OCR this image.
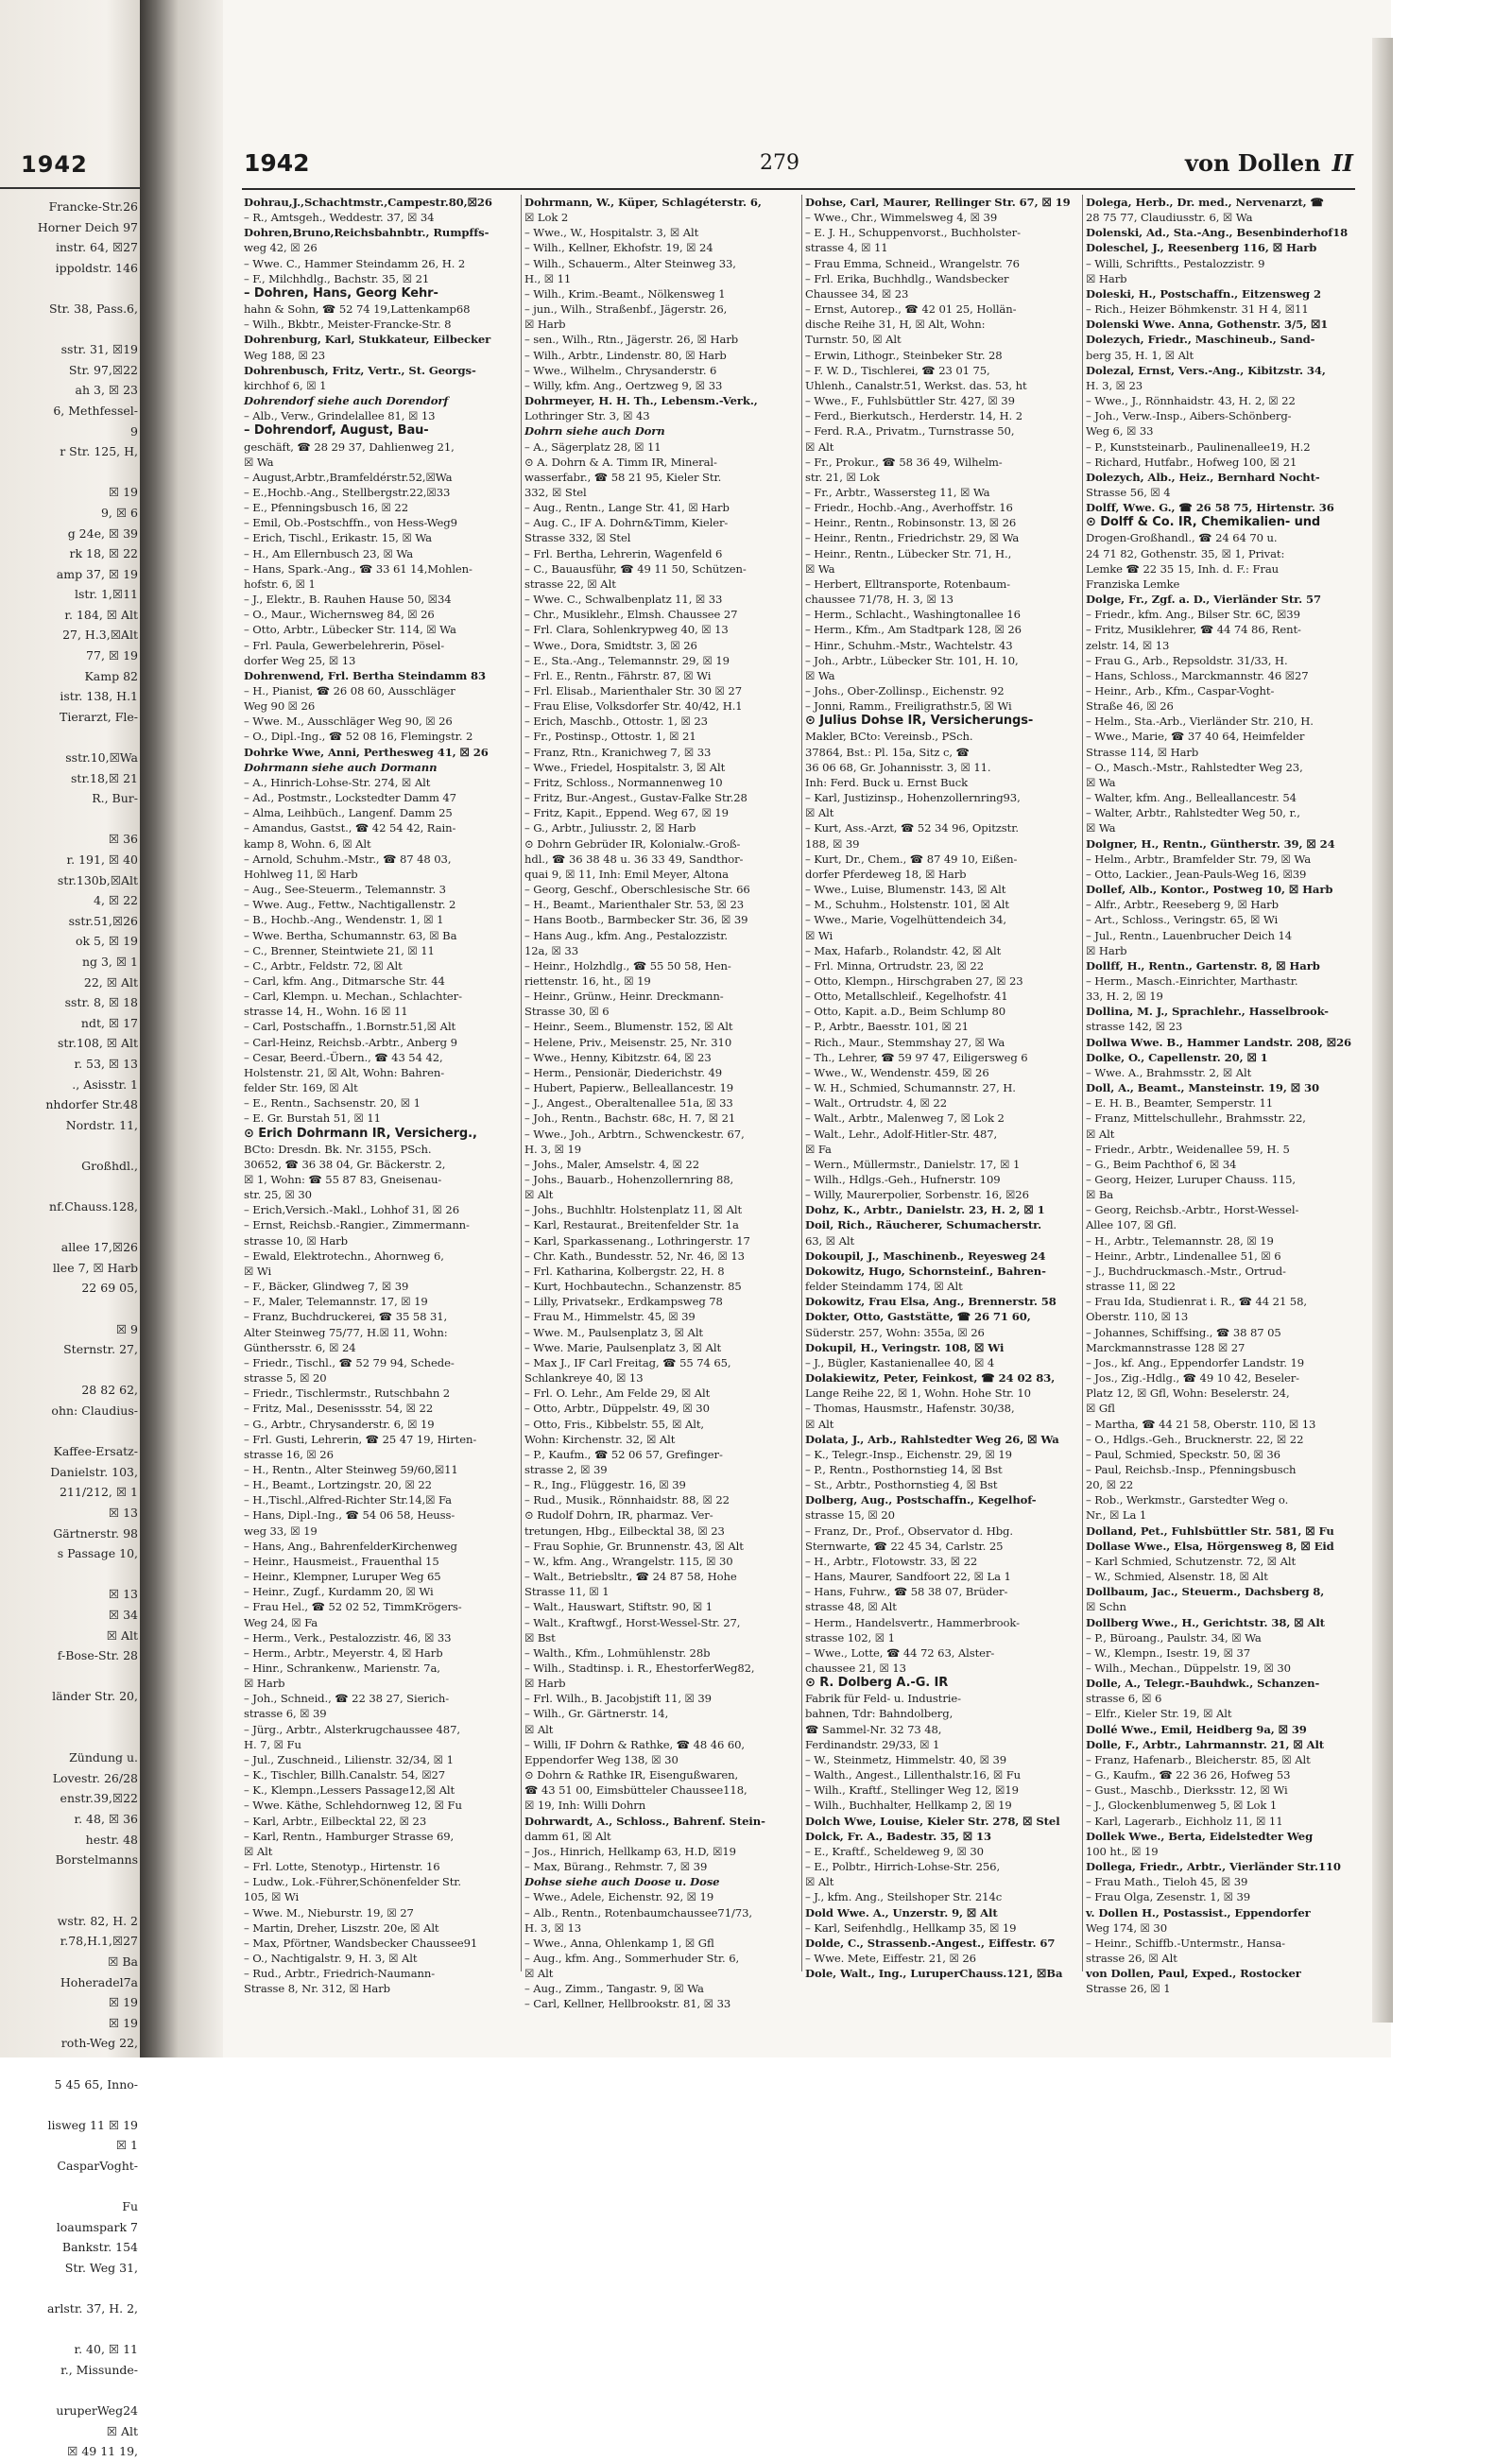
1942
Francke-Str.26
Horner Deich 97
instr. 64, ☒27
ippoldstr. 146

Str. 38, Pass.6,

sstr. 31, ☒19
Str. 97,☒22
ah 3, ☒ 23
6, Methfessel-
9
r Str. 125, H,

☒ 19
9, ☒ 6
g 24e, ☒ 39
rk 18, ☒ 22
amp 37, ☒ 19
lstr. 1,☒11
r. 184, ☒ Alt
27, H.3,☒Alt
77, ☒ 19
Kamp 82
istr. 138, H.1
Tierarzt, Fle-

sstr.10,☒Wa
str.18,☒ 21
R., Bur-

☒ 36
r. 191, ☒ 40
str.130b,☒Alt
4, ☒ 22
sstr.51,☒26
ok 5, ☒ 19
ng 3, ☒ 1
22, ☒ Alt
sstr. 8, ☒ 18
ndt, ☒ 17
str.108, ☒ Alt
r. 53, ☒ 13
., Asisstr. 1
nhdorfer Str.48
Nordstr. 11,

Großhdl.,

nf.Chauss.128,

allee 17,☒26
llee 7, ☒ Harb
22 69 05,

☒ 9
Sternstr. 27,

28 82 62,
ohn: Claudius-

Kaffee-Ersatz-
Danielstr. 103,
211/212, ☒ 1
☒ 13
Gärtnerstr. 98
s Passage 10,

☒ 13
☒ 34
☒ Alt
f-Bose-Str. 28

länder Str. 20,

Zündung u.
Lovestr. 26/28
enstr.39,☒22
r. 48, ☒ 36
hestr. 48
Borstelmanns

wstr. 82, H. 2
r.78,H.1,☒27
☒ Ba
Hoheradel7a
☒ 19
☒ 19
roth-Weg 22,

5 45 65, Inno-

lisweg 11 ☒ 19
☒ 1
CasparVoght-

Fu
loaumspark 7
Bankstr. 154
Str. Weg 31,

arlstr. 37, H. 2,

r. 40, ☒ 11
r., Missunde-

uruperWeg24
☒ Alt
☒ 49 11 19,
1942	279	von Dollen II
Dohrau,J.,Schachtmstr.,Campestr.80,☒26
– R., Amtsgeh., Weddestr. 37, ☒ 34
Dohren,Bruno,Reichsbahnbtr., Rumpffs-
weg 42, ☒ 26
– Wwe. C., Hammer Steindamm 26, H. 2
– F., Milchhdlg., Bachstr. 35, ☒ 21
– Dohren, Hans, Georg Kehr-
hahn & Sohn, ☎ 52 74 19,Lattenkamp68
– Wilh., Bkbtr., Meister-Francke-Str. 8
Dohrenburg, Karl, Stukkateur, Eilbecker
Weg 188, ☒ 23
Dohrenbusch, Fritz, Vertr., St. Georgs-
kirchhof 6, ☒ 1
Dohrendorf siehe auch Dorendorf
– Alb., Verw., Grindelallee 81, ☒ 13
– Dohrendorf, August, Bau-
geschäft, ☎ 28 29 37, Dahlienweg 21,
☒ Wa
– August,Arbtr.,Bramfeldérstr.52,☒Wa
– E.,Hochb.-Ang., Stellbergstr.22,☒33
– E., Pfenningsbusch 16, ☒ 22
– Emil, Ob.-Postschffn., von Hess-Weg9
– Erich, Tischl., Erikastr. 15, ☒ Wa
– H., Am Ellernbusch 23, ☒ Wa
– Hans, Spark.-Ang., ☎ 33 61 14,Mohlen-
hofstr. 6, ☒ 1
– J., Elektr., B. Rauhen Hause 50, ☒34
– O., Maur., Wichernsweg 84, ☒ 26
– Otto, Arbtr., Lübecker Str. 114, ☒ Wa
– Frl. Paula, Gewerbelehrerin, Pösel-
dorfer Weg 25, ☒ 13
Dohrenwend, Frl. Bertha Steindamm 83
– H., Pianist, ☎ 26 08 60, Ausschläger
Weg 90 ☒ 26
– Wwe. M., Ausschläger Weg 90, ☒ 26
– O., Dipl.-Ing., ☎ 52 08 16, Flemingstr. 2
Dohrke Wwe, Anni, Perthesweg 41, ☒ 26
Dohrmann siehe auch Dormann
– A., Hinrich-Lohse-Str. 274, ☒ Alt
– Ad., Postmstr., Lockstedter Damm 47
– Alma, Leihbüch., Langenf. Damm 25
– Amandus, Gastst., ☎ 42 54 42, Rain-
kamp 8, Wohn. 6, ☒ Alt
– Arnold, Schuhm.-Mstr., ☎ 87 48 03,
Hohlweg 11, ☒ Harb
– Aug., See-Steuerm., Telemannstr. 3
– Wwe. Aug., Fettw., Nachtigallenstr. 2
– B., Hochb.-Ang., Wendenstr. 1, ☒ 1
– Wwe. Bertha, Schumannstr. 63, ☒ Ba
– C., Brenner, Steintwiete 21, ☒ 11
– C., Arbtr., Feldstr. 72, ☒ Alt
– Carl, kfm. Ang., Ditmarsche Str. 44
– Carl, Klempn. u. Mechan., Schlachter-
strasse 14, H., Wohn. 16 ☒ 11
– Carl, Postschaffn., 1.Bornstr.51,☒ Alt
– Carl-Heinz, Reichsb.-Arbtr., Anberg 9
– Cesar, Beerd.-Übern., ☎ 43 54 42,
Holstenstr. 21, ☒ Alt, Wohn: Bahren-
felder Str. 169, ☒ Alt
– E., Rentn., Sachsenstr. 20, ☒ 1
– E. Gr. Burstah 51, ☒ 11
⊙ Erich Dohrmann IR, Versicherg.,
BCto: Dresdn. Bk. Nr. 3155, PSch.
30652, ☎ 36 38 04, Gr. Bäckerstr. 2,
☒ 1, Wohn: ☎ 55 87 83, Gneisenau-
str. 25, ☒ 30
– Erich,Versich.-Makl., Lohhof 31, ☒ 26
– Ernst, Reichsb.-Rangier., Zimmermann-
strasse 10, ☒ Harb
– Ewald, Elektrotechn., Ahornweg 6,
☒ Wi
– F., Bäcker, Glindweg 7, ☒ 39
– F., Maler, Telemannstr. 17, ☒ 19
– Franz, Buchdruckerei, ☎ 35 58 31,
Alter Steinweg 75/77, H.☒ 11, Wohn:
Günthersstr. 6, ☒ 24
– Friedr., Tischl., ☎ 52 79 94, Schede-
strasse 5, ☒ 20
– Friedr., Tischlermstr., Rutschbahn 2
– Fritz, Mal., Desenissstr. 54, ☒ 22
– G., Arbtr., Chrysanderstr. 6, ☒ 19
– Frl. Gusti, Lehrerin, ☎ 25 47 19, Hirten-
strasse 16, ☒ 26
– H., Rentn., Alter Steinweg 59/60,☒11
– H., Beamt., Lortzingstr. 20, ☒ 22
– H.,Tischl.,Alfred-Richter Str.14,☒ Fa
– Hans, Dipl.-Ing., ☎ 54 06 58, Heuss-
weg 33, ☒ 19
– Hans, Ang., BahrenfelderKirchenweg
– Heinr., Hausmeist., Frauenthal 15
– Heinr., Klempner, Luruper Weg 65
– Heinr., Zugf., Kurdamm 20, ☒ Wi
– Frau Hel., ☎ 52 02 52, TimmKrögers-
Weg 24, ☒ Fa
– Herm., Verk., Pestalozzistr. 46, ☒ 33
– Herm., Arbtr., Meyerstr. 4, ☒ Harb
– Hinr., Schrankenw., Marienstr. 7a,
☒ Harb
– Joh., Schneid., ☎ 22 38 27, Sierich-
strasse 6, ☒ 39
– Jürg., Arbtr., Alsterkrugchaussee 487,
H. 7, ☒ Fu
– Jul., Zuschneid., Lilienstr. 32/34, ☒ 1
– K., Tischler, Billh.Canalstr. 54, ☒27
– K., Klempn.,Lessers Passage12,☒ Alt
– Wwe. Käthe, Schlehdornweg 12, ☒ Fu
– Karl, Arbtr., Eilbecktal 22, ☒ 23
– Karl, Rentn., Hamburger Strasse 69,
☒ Alt
– Frl. Lotte, Stenotyp., Hirtenstr. 16
– Ludw., Lok.-Führer,Schönenfelder Str.
105, ☒ Wi
– Wwe. M., Nieburstr. 19, ☒ 27
– Martin, Dreher, Liszstr. 20e, ☒ Alt
– Max, Pförtner, Wandsbecker Chaussee91
– O., Nachtigalstr. 9, H. 3, ☒ Alt
– Rud., Arbtr., Friedrich-Naumann-
Strasse 8, Nr. 312, ☒ Harb
Dohrmann, W., Küper, Schlagéterstr. 6,
☒ Lok 2
– Wwe., W., Hospitalstr. 3, ☒ Alt
– Wilh., Kellner, Ekhofstr. 19, ☒ 24
– Wilh., Schauerm., Alter Steinweg 33,
H., ☒ 11
– Wilh., Krim.-Beamt., Nölkensweg 1
– jun., Wilh., Straßenbf., Jägerstr. 26,
☒ Harb
– sen., Wilh., Rtn., Jägerstr. 26, ☒ Harb
– Wilh., Arbtr., Lindenstr. 80, ☒ Harb
– Wwe., Wilhelm., Chrysanderstr. 6
– Willy, kfm. Ang., Oertzweg 9, ☒ 33
Dohrmeyer, H. H. Th., Lebensm.-Verk.,
Lothringer Str. 3, ☒ 43
Dohrn siehe auch Dorn
– A., Sägerplatz 28, ☒ 11
⊙ A. Dohrn & A. Timm IR, Mineral-
wasserfabr., ☎ 58 21 95, Kieler Str.
332, ☒ Stel
– Aug., Rentn., Lange Str. 41, ☒ Harb
– Aug. C., IF A. Dohrn&Timm, Kieler-
Strasse 332, ☒ Stel
– Frl. Bertha, Lehrerin, Wagenfeld 6
– C., Bauausführ, ☎ 49 11 50, Schützen-
strasse 22, ☒ Alt
– Wwe. C., Schwalbenplatz 11, ☒ 33
– Chr., Musiklehr., Elmsh. Chaussee 27
– Frl. Clara, Sohlenkrypweg 40, ☒ 13
– Wwe., Dora, Smidtstr. 3, ☒ 26
– E., Sta.-Ang., Telemannstr. 29, ☒ 19
– Frl. E., Rentn., Fährstr. 87, ☒ Wi
– Frl. Elisab., Marienthaler Str. 30 ☒ 27
– Frau Elise, Volksdorfer Str. 40/42, H.1
– Erich, Maschb., Ottostr. 1, ☒ 23
– Fr., Postinsp., Ottostr. 1, ☒ 21
– Franz, Rtn., Kranichweg 7, ☒ 33
– Wwe., Friedel, Hospitalstr. 3, ☒ Alt
– Fritz, Schloss., Normannenweg 10
– Fritz, Bur.-Angest., Gustav-Falke Str.28
– Fritz, Kapit., Eppend. Weg 67, ☒ 19
– G., Arbtr., Juliusstr. 2, ☒ Harb
⊙ Dohrn Gebrüder IR, Kolonialw.-Groß-
hdl., ☎ 36 38 48 u. 36 33 49, Sandthor-
quai 9, ☒ 11, Inh: Emil Meyer, Altona
– Georg, Geschf., Oberschlesische Str. 66
– H., Beamt., Marienthaler Str. 53, ☒ 23
– Hans Bootb., Barmbecker Str. 36, ☒ 39
– Hans Aug., kfm. Ang., Pestalozzistr.
12a, ☒ 33
– Heinr., Holzhdlg., ☎ 55 50 58, Hen-
riettenstr. 16, ht., ☒ 19
– Heinr., Grünw., Heinr. Dreckmann-
Strasse 30, ☒ 6
– Heinr., Seem., Blumenstr. 152, ☒ Alt
– Helene, Priv., Meisenstr. 25, Nr. 310
– Wwe., Henny, Kibitzstr. 64, ☒ 23
– Herm., Pensionär, Diederichstr. 49
– Hubert, Papierw., Belleallancestr. 19
– J., Angest., Oberaltenallee 51a, ☒ 33
– Joh., Rentn., Bachstr. 68c, H. 7, ☒ 21
– Wwe., Joh., Arbtrn., Schwenckestr. 67,
H. 3, ☒ 19
– Johs., Maler, Amselstr. 4, ☒ 22
– Johs., Bauarb., Hohenzollernring 88,
☒ Alt
– Johs., Buchhltr. Holstenplatz 11, ☒ Alt
– Karl, Restaurat., Breitenfelder Str. 1a
– Karl, Sparkassenang., Lothringerstr. 17
– Chr. Kath., Bundesstr. 52, Nr. 46, ☒ 13
– Frl. Katharina, Kolbergstr. 22, H. 8
– Kurt, Hochbautechn., Schanzenstr. 85
– Lilly, Privatsekr., Erdkampsweg 78
– Frau M., Himmelstr. 45, ☒ 39
– Wwe. M., Paulsenplatz 3, ☒ Alt
– Wwe. Marie, Paulsenplatz 3, ☒ Alt
– Max J., IF Carl Freitag, ☎ 55 74 65,
Schlankreye 40, ☒ 13
– Frl. O. Lehr., Am Felde 29, ☒ Alt
– Otto, Arbtr., Düppelstr. 49, ☒ 30
– Otto, Fris., Kibbelstr. 55, ☒ Alt,
Wohn: Kirchenstr. 32, ☒ Alt
– P., Kaufm., ☎ 52 06 57, Grefinger-
strasse 2, ☒ 39
– R., Ing., Flüggestr. 16, ☒ 39
– Rud., Musik., Rönnhaidstr. 88, ☒ 22
⊙ Rudolf Dohrn, IR, pharmaz. Ver-
tretungen, Hbg., Eilbecktal 38, ☒ 23
– Frau Sophie, Gr. Brunnenstr. 43, ☒ Alt
– W., kfm. Ang., Wrangelstr. 115, ☒ 30
– Walt., Betriebsltr., ☎ 24 87 58, Hohe
Strasse 11, ☒ 1
– Walt., Hauswart, Stiftstr. 90, ☒ 1
– Walt., Kraftwgf., Horst-Wessel-Str. 27,
☒ Bst
– Walth., Kfm., Lohmühlenstr. 28b
– Wilh., Stadtinsp. i. R., EhestorferWeg82,
☒ Harb
– Frl. Wilh., B. Jacobjstift 11, ☒ 39
– Wilh., Gr. Gärtnerstr. 14,
☒ Alt
– Willi, IF Dohrn & Rathke, ☎ 48 46 60,
Eppendorfer Weg 138, ☒ 30
⊙ Dohrn & Rathke IR, Eisengußwaren,
☎ 43 51 00, Eimsbütteler Chaussee118,
☒ 19, Inh: Willi Dohrn
Dohrwardt, A., Schloss., Bahrenf. Stein-
damm 61, ☒ Alt
– Jos., Hinrich, Hellkamp 63, H.D, ☒19
– Max, Bürang., Rehmstr. 7, ☒ 39
Dohse siehe auch Doose u. Dose
– Wwe., Adele, Eichenstr. 92, ☒ 19
– Alb., Rentn., Rotenbaumchaussee71/73,
H. 3, ☒ 13
– Wwe., Anna, Ohlenkamp 1, ☒ Gfl
– Aug., kfm. Ang., Sommerhuder Str. 6,
☒ Alt
– Aug., Zimm., Tangastr. 9, ☒ Wa
– Carl, Kellner, Hellbrookstr. 81, ☒ 33
Dohse, Carl, Maurer, Rellinger Str. 67, ☒ 19
– Wwe., Chr., Wimmelsweg 4, ☒ 39
– E. J. H., Schuppenvorst., Buchholster-
strasse 4, ☒ 11
– Frau Emma, Schneid., Wrangelstr. 76
– Frl. Erika, Buchhdlg., Wandsbecker
Chaussee 34, ☒ 23
– Ernst, Autorep., ☎ 42 01 25, Hollän-
dische Reihe 31, H, ☒ Alt, Wohn:
Turnstr. 50, ☒ Alt
– Erwin, Lithogr., Steinbeker Str. 28
– F. W. D., Tischlerei, ☎ 23 01 75,
Uhlenh., Canalstr.51, Werkst. das. 53, ht
– Wwe., F., Fuhlsbüttler Str. 427, ☒ 39
– Ferd., Bierkutsch., Herderstr. 14, H. 2
– Ferd. R.A., Privatm., Turnstrasse 50,
☒ Alt
– Fr., Prokur., ☎ 58 36 49, Wilhelm-
str. 21, ☒ Lok
– Fr., Arbtr., Wassersteg 11, ☒ Wa
– Friedr., Hochb.-Ang., Averhoffstr. 16
– Heinr., Rentn., Robinsonstr. 13, ☒ 26
– Heinr., Rentn., Friedrichstr. 29, ☒ Wa
– Heinr., Rentn., Lübecker Str. 71, H.,
☒ Wa
– Herbert, Elltransporte, Rotenbaum-
chaussee 71/78, H. 3, ☒ 13
– Herm., Schlacht., Washingtonallee 16
– Herm., Kfm., Am Stadtpark 128, ☒ 26
– Hinr., Schuhm.-Mstr., Wachtelstr. 43
– Joh., Arbtr., Lübecker Str. 101, H. 10,
☒ Wa
– Johs., Ober-Zollinsp., Eichenstr. 92
– Jonni, Ramm., Freiligrathstr.5, ☒ Wi
⊙ Julius Dohse IR, Versicherungs-
Makler, BCto: Vereinsb., PSch.
37864, Bst.: Pl. 15a, Sitz c, ☎
36 06 68, Gr. Johannisstr. 3, ☒ 11.
Inh: Ferd. Buck u. Ernst Buck
– Karl, Justizinsp., Hohenzollernring93,
☒ Alt
– Kurt, Ass.-Arzt, ☎ 52 34 96, Opitzstr.
188, ☒ 39
– Kurt, Dr., Chem., ☎ 87 49 10, Eißen-
dorfer Pferdeweg 18, ☒ Harb
– Wwe., Luise, Blumenstr. 143, ☒ Alt
– M., Schuhm., Holstenstr. 101, ☒ Alt
– Wwe., Marie, Vogelhüttendeich 34,
☒ Wi
– Max, Hafarb., Rolandstr. 42, ☒ Alt
– Frl. Minna, Ortrudstr. 23, ☒ 22
– Otto, Klempn., Hirschgraben 27, ☒ 23
– Otto, Metallschleif., Kegelhofstr. 41
– Otto, Kapit. a.D., Beim Schlump 80
– P., Arbtr., Baesstr. 101, ☒ 21
– Rich., Maur., Stemmshay 27, ☒ Wa
– Th., Lehrer, ☎ 59 97 47, Eiligersweg 6
– Wwe., W., Wendenstr. 459, ☒ 26
– W. H., Schmied, Schumannstr. 27, H.
– Walt., Ortrudstr. 4, ☒ 22
– Walt., Arbtr., Malenweg 7, ☒ Lok 2
– Walt., Lehr., Adolf-Hitler-Str. 487,
☒ Fa
– Wern., Müllermstr., Danielstr. 17, ☒ 1
– Wilh., Hdlgs.-Geh., Hufnerstr. 109
– Willy, Maurerpolier, Sorbenstr. 16, ☒26
Dohz, K., Arbtr., Danielstr. 23, H. 2, ☒ 1
Doil, Rich., Räucherer, Schumacherstr.
63, ☒ Alt
Dokoupil, J., Maschinenb., Reyesweg 24
Dokowitz, Hugo, Schornsteinf., Bahren-
felder Steindamm 174, ☒ Alt
Dokowitz, Frau Elsa, Ang., Brennerstr. 58
Dokter, Otto, Gaststätte, ☎ 26 71 60,
Süderstr. 257, Wohn: 355a, ☒ 26
Dokupil, H., Veringstr. 108, ☒ Wi
– J., Bügler, Kastanienallee 40, ☒ 4
Dolakiewitz, Peter, Feinkost, ☎ 24 02 83,
Lange Reihe 22, ☒ 1, Wohn. Hohe Str. 10
– Thomas, Hausmstr., Hafenstr. 30/38,
☒ Alt
Dolata, J., Arb., Rahlstedter Weg 26, ☒ Wa
– K., Telegr.-Insp., Eichenstr. 29, ☒ 19
– P., Rentn., Posthornstieg 14, ☒ Bst
– St., Arbtr., Posthornstieg 4, ☒ Bst
Dolberg, Aug., Postschaffn., Kegelhof-
strasse 15, ☒ 20
– Franz, Dr., Prof., Observator d. Hbg.
Sternwarte, ☎ 22 45 34, Carlstr. 25
– H., Arbtr., Flotowstr. 33, ☒ 22
– Hans, Maurer, Sandfoort 22, ☒ La 1
– Hans, Fuhrw., ☎ 58 38 07, Brüder-
strasse 48, ☒ Alt
– Herm., Handelsvertr., Hammerbrook-
strasse 102, ☒ 1
– Wwe., Lotte, ☎ 44 72 63, Alster-
chaussee 21, ☒ 13
⊙ R. Dolberg A.-G. IR
Fabrik für Feld- u. Industrie-
bahnen, Tdr: Bahndolberg,
☎ Sammel-Nr. 32 73 48,
Ferdinandstr. 29/33, ☒ 1
– W., Steinmetz, Himmelstr. 40, ☒ 39
– Walth., Angest., Lillenthalstr.16, ☒ Fu
– Wilh., Kraftf., Stellinger Weg 12, ☒19
– Wilh., Buchhalter, Hellkamp 2, ☒ 19
Dolch Wwe, Louise, Kieler Str. 278, ☒ Stel
Dolck, Fr. A., Badestr. 35, ☒ 13
– E., Kraftf., Scheldeweg 9, ☒ 30
– E., Polbtr., Hirrich-Lohse-Str. 256,
☒ Alt
– J., kfm. Ang., Steilshoper Str. 214c
Dold Wwe. A., Unzerstr. 9, ☒ Alt
– Karl, Seifenhdlg., Hellkamp 35, ☒ 19
Dolde, C., Strassenb.-Angest., Eiffestr. 67
– Wwe. Mete, Eiffestr. 21, ☒ 26
Dole, Walt., Ing., LuruperChauss.121, ☒Ba
Dolega, Herb., Dr. med., Nervenarzt, ☎
28 75 77, Claudiusstr. 6, ☒ Wa
Dolenski, Ad., Sta.-Ang., Besenbinderhof18
Doleschel, J., Reesenberg 116, ☒ Harb
– Willi, Schriftts., Pestalozzistr. 9
☒ Harb
Doleski, H., Postschaffn., Eitzensweg 2
– Rich., Heizer Böhmkenstr. 31 H 4, ☒11
Dolenski Wwe. Anna, Gothenstr. 3/5, ☒1
Dolezych, Friedr., Maschineub., Sand-
berg 35, H. 1, ☒ Alt
Dolezal, Ernst, Vers.-Ang., Kibitzstr. 34,
H. 3, ☒ 23
– Wwe., J., Rönnhaidstr. 43, H. 2, ☒ 22
– Joh., Verw.-Insp., Aibers-Schönberg-
Weg 6, ☒ 33
– P., Kunststeinarb., Paulinenallee19, H.2
– Richard, Hutfabr., Hofweg 100, ☒ 21
Dolezych, Alb., Heiz., Bernhard Nocht-
Strasse 56, ☒ 4
Dolff, Wwe. G., ☎ 26 58 75, Hirtenstr. 36
⊙ Dolff & Co. IR, Chemikalien- und
Drogen-Großhandl., ☎ 24 64 70 u.
24 71 82, Gothenstr. 35, ☒ 1, Privat:
Lemke ☎ 22 35 15, Inh. d. F.: Frau
Franziska Lemke
Dolge, Fr., Zgf. a. D., Vierländer Str. 57
– Friedr., kfm. Ang., Bilser Str. 6C, ☒39
– Fritz, Musiklehrer, ☎ 44 74 86, Rent-
zelstr. 14, ☒ 13
– Frau G., Arb., Repsoldstr. 31/33, H.
– Hans, Schloss., Marckmannstr. 46 ☒27
– Heinr., Arb., Kfm., Caspar-Voght-
Straße 46, ☒ 26
– Helm., Sta.-Arb., Vierländer Str. 210, H.
– Wwe., Marie, ☎ 37 40 64, Heimfelder
Strasse 114, ☒ Harb
– O., Masch.-Mstr., Rahlstedter Weg 23,
☒ Wa
– Walter, kfm. Ang., Belleallancestr. 54
– Walter, Arbtr., Rahlstedter Weg 50, r.,
☒ Wa
Dolgner, H., Rentn., Güntherstr. 39, ☒ 24
– Helm., Arbtr., Bramfelder Str. 79, ☒ Wa
– Otto, Lackier., Jean-Pauls-Weg 16, ☒39
Dollef, Alb., Kontor., Postweg 10, ☒ Harb
– Alfr., Arbtr., Reeseberg 9, ☒ Harb
– Art., Schloss., Veringstr. 65, ☒ Wi
– Jul., Rentn., Lauenbrucher Deich 14
☒ Harb
Dollff, H., Rentn., Gartenstr. 8, ☒ Harb
– Herm., Masch.-Einrichter, Marthastr.
33, H. 2, ☒ 19
Dollina, M. J., Sprachlehr., Hasselbrook-
strasse 142, ☒ 23
Dollwa Wwe. B., Hammer Landstr. 208, ☒26
Dolke, O., Capellenstr. 20, ☒ 1
– Wwe. A., Brahmsstr. 2, ☒ Alt
Doll, A., Beamt., Mansteinstr. 19, ☒ 30
– E. H. B., Beamter, Semperstr. 11
– Franz, Mittelschullehr., Brahmsstr. 22,
☒ Alt
– Friedr., Arbtr., Weidenallee 59, H. 5
– G., Beim Pachthof 6, ☒ 34
– Georg, Heizer, Luruper Chauss. 115,
☒ Ba
– Georg, Reichsb.-Arbtr., Horst-Wessel-
Allee 107, ☒ Gfl.
– H., Arbtr., Telemannstr. 28, ☒ 19
– Heinr., Arbtr., Lindenallee 51, ☒ 6
– J., Buchdruckmasch.-Mstr., Ortrud-
strasse 11, ☒ 22
– Frau Ida, Studienrat i. R., ☎ 44 21 58,
Oberstr. 110, ☒ 13
– Johannes, Schiffsing., ☎ 38 87 05
Marckmannstrasse 128 ☒ 27
– Jos., kf. Ang., Eppendorfer Landstr. 19
– Jos., Zig.-Hdlg., ☎ 49 10 42, Beseler-
Platz 12, ☒ Gfl, Wohn: Beselerstr. 24,
☒ Gfl
– Martha, ☎ 44 21 58, Oberstr. 110, ☒ 13
– O., Hdlgs.-Geh., Brucknerstr. 22, ☒ 22
– Paul, Schmied, Speckstr. 50, ☒ 36
– Paul, Reichsb.-Insp., Pfenningsbusch
20, ☒ 22
– Rob., Werkmstr., Garstedter Weg o.
Nr., ☒ La 1
Dolland, Pet., Fuhlsbüttler Str. 581, ☒ Fu
Dollase Wwe., Elsa, Hörgensweg 8, ☒ Eid
– Karl Schmied, Schutzenstr. 72, ☒ Alt
– W., Schmied, Alsenstr. 18, ☒ Alt
Dollbaum, Jac., Steuerm., Dachsberg 8,
☒ Schn
Dollberg Wwe., H., Gerichtstr. 38, ☒ Alt
– P., Büroang., Paulstr. 34, ☒ Wa
– W., Klempn., Isestr. 19, ☒ 37
– Wilh., Mechan., Düppelstr. 19, ☒ 30
Dolle, A., Telegr.-Bauhdwk., Schanzen-
strasse 6, ☒ 6
– Elfr., Kieler Str. 19, ☒ Alt
Dollé Wwe., Emil, Heidberg 9a, ☒ 39
Dolle, F., Arbtr., Lahrmannstr. 21, ☒ Alt
– Franz, Hafenarb., Bleicherstr. 85, ☒ Alt
– G., Kaufm., ☎ 22 36 26, Hofweg 53
– Gust., Maschb., Dierksstr. 12, ☒ Wi
– J., Glockenblumenweg 5, ☒ Lok 1
– Karl, Lagerarb., Eichholz 11, ☒ 11
Dollek Wwe., Berta, Eidelstedter Weg
100 ht., ☒ 19
Dollega, Friedr., Arbtr., Vierländer Str.110
– Frau Math., Tieloh 45, ☒ 39
– Frau Olga, Zesenstr. 1, ☒ 39
v. Dollen H., Postassist., Eppendorfer
Weg 174, ☒ 30
– Heinr., Schiffb.-Untermstr., Hansa-
strasse 26, ☒ Alt
von Dollen, Paul, Exped., Rostocker
Strasse 26, ☒ 1
